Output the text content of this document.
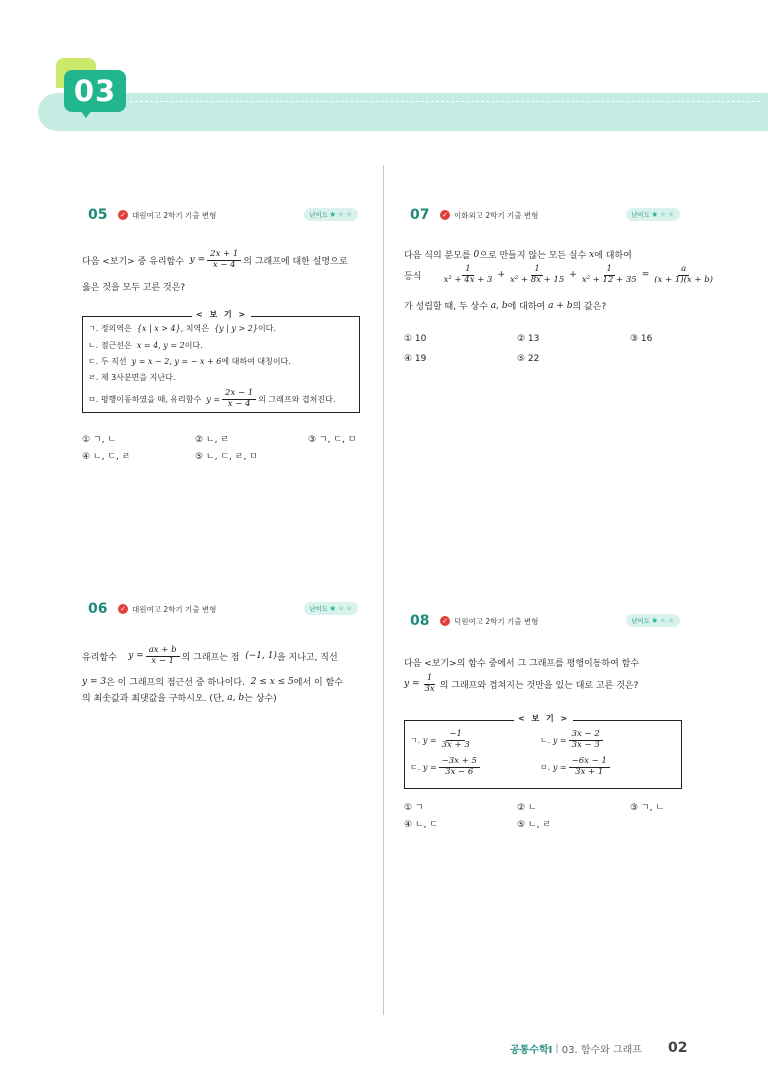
03
05	✓ 대원여고 2학기 기출 변형	난이도 ★ ★ ★
다음 <보기> 중 유리함수
$y = \frac{2x + 1}{x - 4}$ 의 그래프에 대한 설명으로
옳은 것을 모두 고른 것은?
< 보 기 >
ㄱ. 정의역은
{x | x > 4},
치역은
{y | y > 2} 이다.
ㄴ. 점근선은
x = 4, y = 2 이다.
ㄷ. 두 직선
y = x − 2, y = − x + 6 에 대하여 대칭이다.
ㄹ. 제 3사분면을 지난다.
ㅁ. 평행이동하였을 때, 유리함수
$y = \frac{2x - 1}{x - 4}$ 의 그래프와 겹쳐진다.
① ㄱ, ㄴ	② ㄴ, ㄹ	③ ㄱ, ㄷ, ㅁ
④ ㄴ, ㄷ, ㄹ	⑤ ㄴ, ㄷ, ㄹ, ㅁ
06	✓ 대원여고 2학기 기출 변형	난이도 ★ ★ ★
유리함수
$y = \frac{ax + b}{x - 1}$ 의 그래프는 점
(−1, 1) 을 지나고, 직선
y = 3 은 이 그래프의 점근선 중 하나이다.
2 ≤ x ≤ 5 에서 이 함수
의 최솟값과 최댓값을 구하시오. (단,
a, b 는 상수)
07	✓ 이화외고 2학기 기출 변형	난이도 ★ ★ ★
다음 식의 분모를
0 으로 만들지 않는 모든 실수
x 에 대하여
등식
$\frac{1}{\text{x² + 4x + 3}} + \frac{1}{\text{x² + 8x + 15}} + \frac{1}{\text{x² + 12 + 35}} = \frac{a}{(x + 1)(x + b)}$
가 성립할 때, 두 상수
a, b 에 대하여
a + b 의 값은?
① 10	② 13	③ 16
④ 19	⑤ 22
08	✓ 덕원여고 2학기 기출 변형	난이도 ★ ★ ★
다음 <보기>의 함수 중에서 그 그래프를 평행이동하여 함수
$y = \frac{1}{3x}$ 의 그래프와 겹쳐지는 것만을 있는 대로 고른 것은?
< 보 기 >
ㄱ.
$y = \frac{-1}{3x + 3}$	ㄴ.
$y = \frac{3x - 2}{3x - 3}$
ㄷ.
$y = \frac{-3x + 5}{3x - 6}$	ㅁ.
$y = \frac{-6x - 1}{3x + 1}$
① ㄱ	② ㄴ	③ ㄱ, ㄴ
④ ㄴ, ㄷ	⑤ ㄴ, ㄹ
공통수학I | 03. 함수와 그래프 02
